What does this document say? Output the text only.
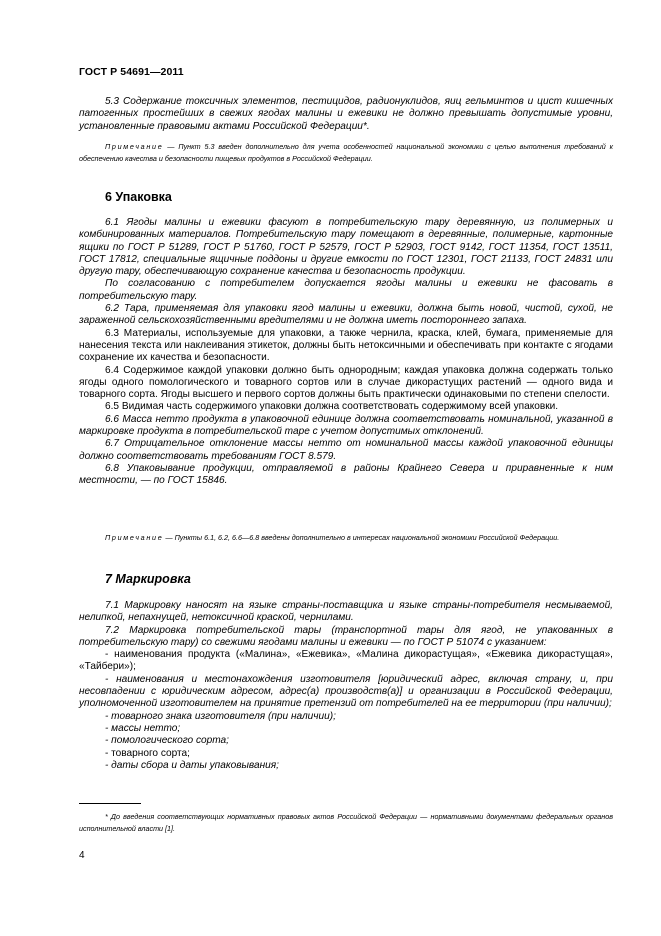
ГОСТ Р 54691—2011

5.3 Содержание токсичных элементов, пестицидов, радионуклидов, яиц гельминтов и цист кишечных патогенных простейших в свежих ягодах малины и ежевики не должно превышать допустимые уровни, установленные правовыми актами Российской Федерации*.

Примечание — Пункт 5.3 введен дополнительно для учета особенностей национальной экономики с целью выполнения требований к обеспечению качества и безопасности пищевых продуктов в Российской Федерации.

6 Упаковка

6.1 Ягоды малины и ежевики фасуют в потребительскую тару деревянную, из полимерных и комбинированных материалов. Потребительскую тару помещают в деревянные, полимерные, картонные ящики по ГОСТ Р 51289, ГОСТ Р 51760, ГОСТ Р 52579, ГОСТ Р 52903, ГОСТ 9142, ГОСТ 11354, ГОСТ 13511, ГОСТ 17812, специальные ящичные поддоны и другие емкости по ГОСТ 12301, ГОСТ 21133, ГОСТ 24831 или другую тару, обеспечивающую сохранение качества и безопасность продукции.

По согласованию с потребителем допускается ягоды малины и ежевики не фасовать в потребительскую тару.

6.2 Тара, применяемая для упаковки ягод малины и ежевики, должна быть новой, чистой, сухой, не зараженной сельскохозяйственными вредителями и не должна иметь постороннего запаха.

6.3 Материалы, используемые для упаковки, а также чернила, краска, клей, бумага, применяемые для нанесения текста или наклеивания этикеток, должны быть нетоксичными и обеспечивать при контакте с ягодами сохранение их качества и безопасности.

6.4 Содержимое каждой упаковки должно быть однородным; каждая упаковка должна содержать только ягоды одного помологического и товарного сортов или в случае дикорастущих растений — одного вида и товарного сорта. Ягоды высшего и первого сортов должны быть практически одинаковыми по степени спелости.

6.5 Видимая часть содержимого упаковки должна соответствовать содержимому всей упаковки.

6.6 Масса нетто продукта в упаковочной единице должна соответствовать номинальной, указанной в маркировке продукта в потребительской таре с учетом допустимых отклонений.

6.7 Отрицательное отклонение массы нетто от номинальной массы каждой упаковочной единицы должно соответствовать требованиям ГОСТ 8.579.

6.8 Упаковывание продукции, отправляемой в районы Крайнего Севера и приравненные к ним местности, — по ГОСТ 15846.

Примечание — Пункты 6.1, 6.2, 6.6—6.8 введены дополнительно в интересах национальной экономики Российской Федерации.

7 Маркировка

7.1 Маркировку наносят на языке страны-поставщика и языке страны-потребителя несмываемой, нелипкой, непахнущей, нетоксичной краской, чернилами.

7.2 Маркировка потребительской тары (транспортной тары для ягод, не упакованных в потребительскую тару) со свежими ягодами малины и ежевики — по ГОСТ Р 51074 с указанием:

- наименования продукта («Малина», «Ежевика», «Малина дикорастущая», «Ежевика дикорастущая», «Тайбери»);
- наименования и местонахождения изготовителя [юридический адрес, включая страну, и, при несовпадении с юридическим адресом, адрес(а) производств(а)] и организации в Российской Федерации, уполномоченной изготовителем на принятие претензий от потребителей на ее территории (при наличии);
- товарного знака изготовителя (при наличии);
- массы нетто;
- помологического сорта;
- товарного сорта;
- даты сбора и даты упаковывания;

* До введения соответствующих нормативных правовых актов Российской Федерации — нормативными документами федеральных органов исполнительной власти [1].

4
